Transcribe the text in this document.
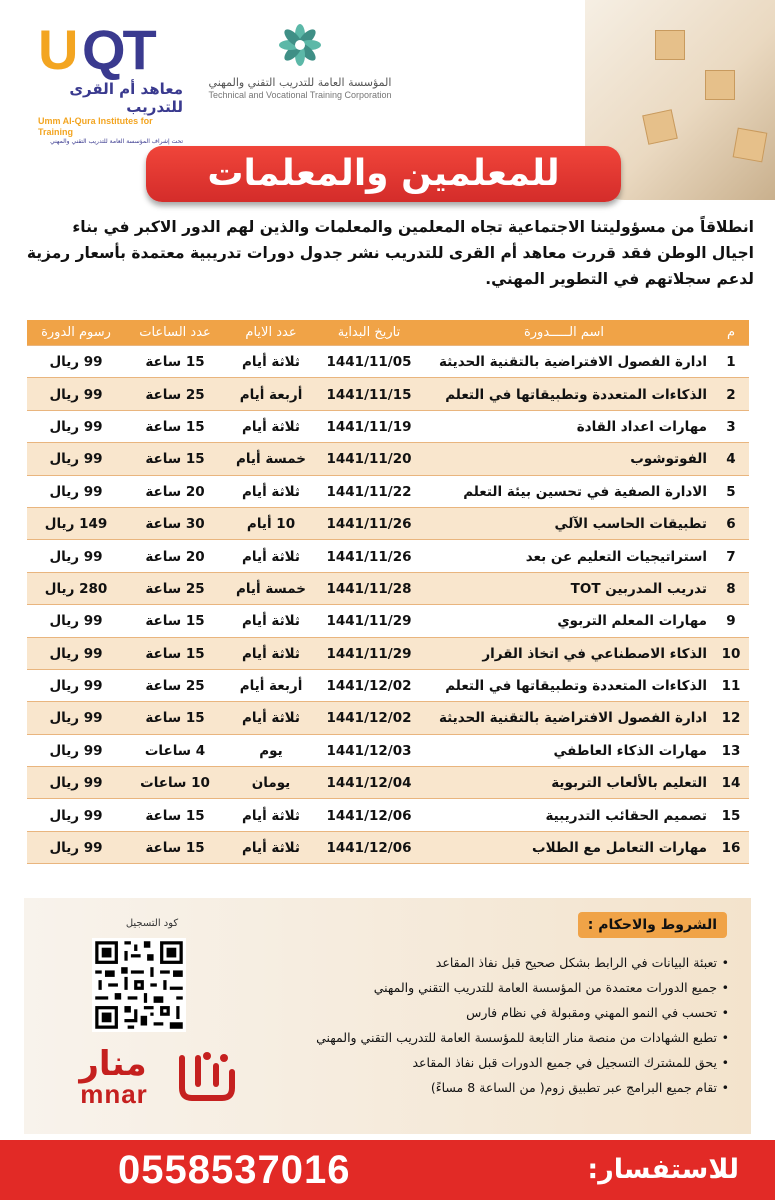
U QT
معاهد أم القرى للتدريب
Umm Al-Qura Institutes for Training
تحت إشراف المؤسسة العامة للتدريب التقني والمهني
المؤسسة العامة للتدريب التقني والمهني
Technical and Vocational Training Corporation
للمعلمين والمعلمات

انطلاقاً من مسؤوليتنا الاجتماعية تجاه المعلمين والمعلمات والذين لهم الدور الاكبر في بناء اجيال الوطن فقد قررت معاهد أم القرى للتدريب نشر جدول دورات تدريبية معتمدة بأسعار رمزية لدعم سجلاتهم في التطوير المهني.

م
اسم الـــــدورة
تاريخ البداية
عدد الايام
عدد الساعات
رسوم الدورة
1
ادارة الفصول الافتراضية بالتقنية الحديثة
1441/11/05
ثلاثة أيام
15 ساعة
99 ريال
2
الذكاءات المتعددة وتطبيقاتها في التعلم
1441/11/15
أربعة أيام
25 ساعة
99 ريال
3
مهارات اعداد القادة
1441/11/19
ثلاثة أيام
15 ساعة
99 ريال
4
الفوتوشوب
1441/11/20
خمسة أيام
15 ساعة
99 ريال
5
الادارة الصفية في تحسين بيئة التعلم
1441/11/22
ثلاثة أيام
20 ساعة
99 ريال
6
تطبيقات الحاسب الآلي
1441/11/26
10 أيام
30 ساعة
149 ريال
7
استراتيجيات التعليم عن بعد
1441/11/26
ثلاثة أيام
20 ساعة
99 ريال
8
تدريب المدربين TOT
1441/11/28
خمسة أيام
25 ساعة
280 ريال
9
مهارات المعلم التربوي
1441/11/29
ثلاثة أيام
15 ساعة
99 ريال
10
الذكاء الاصطناعي في اتخاذ القرار
1441/11/29
ثلاثة أيام
15 ساعة
99 ريال
11
الذكاءات المتعددة وتطبيقاتها في التعلم
1441/12/02
أربعة أيام
25 ساعة
99 ريال
12
ادارة الفصول الافتراضية بالتقنية الحديثة
1441/12/02
ثلاثة أيام
15 ساعة
99 ريال
13
مهارات الذكاء العاطفي
1441/12/03
يوم
4 ساعات
99 ريال
14
التعليم بالألعاب التربوية
1441/12/04
يومان
10 ساعات
99 ريال
15
تصميم الحقائب التدريبية
1441/12/06
ثلاثة أيام
15 ساعة
99 ريال
16
مهارات التعامل مع الطلاب
1441/12/06
ثلاثة أيام
15 ساعة
99 ريال
الشروط والاحكام :
• تعبئة البيانات في الرابط بشكل صحيح قبل نفاذ المقاعد
• جميع الدورات معتمدة من المؤسسة العامة للتدريب التقني والمهني
• تحسب في النمو المهني ومقبولة في نظام فارس
• تطبع الشهادات من منصة منار التابعة للمؤسسة العامة للتدريب التقني والمهني
• يحق للمشترك التسجيل في جميع الدورات قبل نفاذ المقاعد
• تقام جميع البرامج عبر تطبيق زوم( من الساعة 8 مساءً)
كود التسجيل
منار
mnar
للاستفسار:
0558537016
